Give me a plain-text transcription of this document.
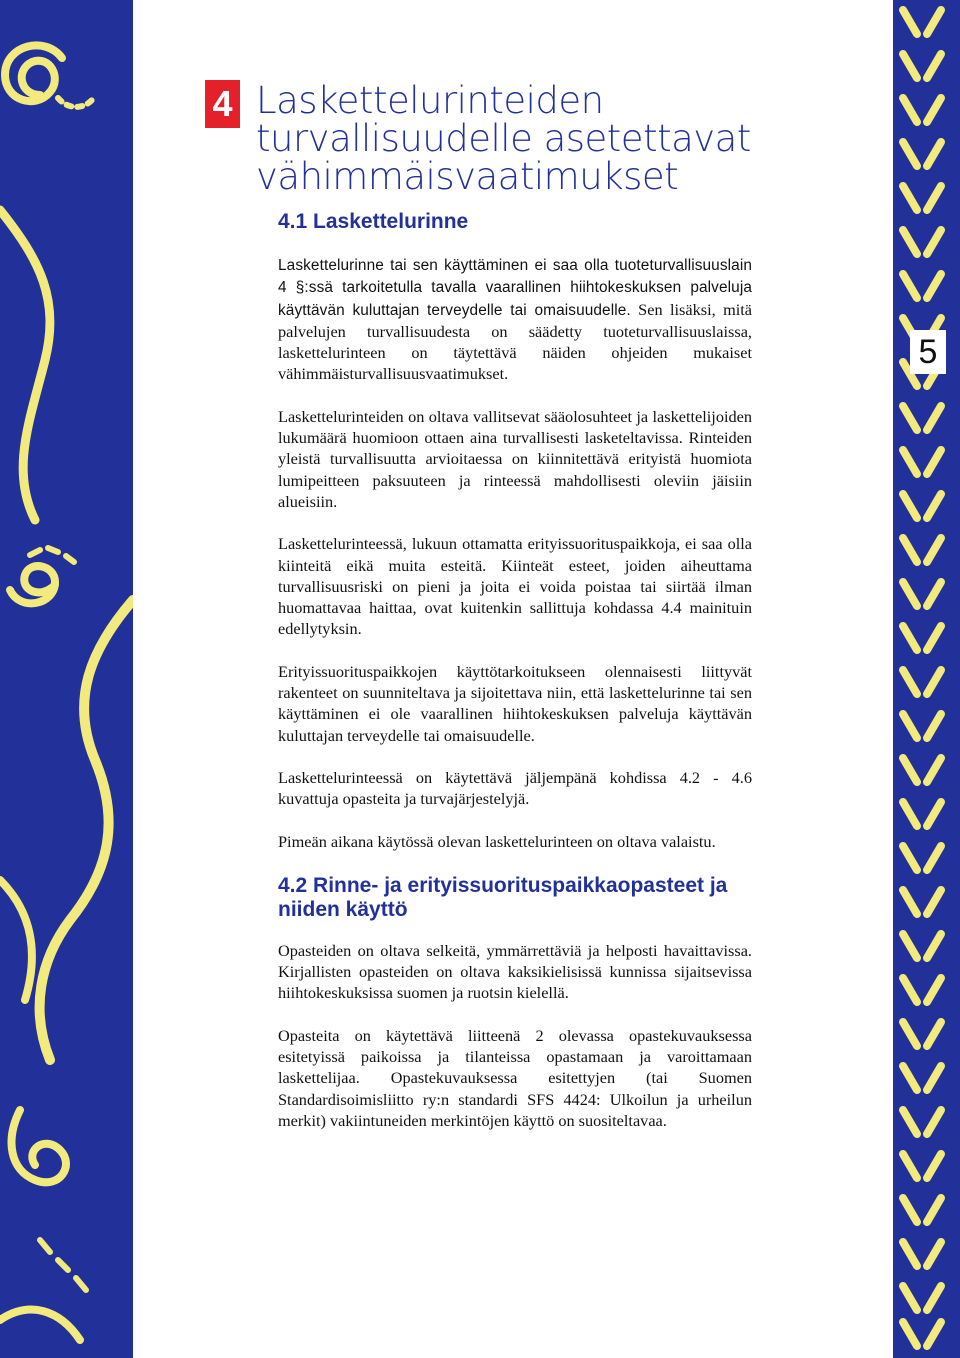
5
4 Laskettelurinteiden
turvallisuudelle asetettavat
vähimmäisvaatimukset
4.1 Laskettelurinne

Laskettelurinne tai sen käyttäminen ei saa olla tuoteturvallisuuslain 4 §:ssä tarkoitetulla tavalla vaarallinen hiihtokeskuksen palveluja käyttävän kuluttajan terveydelle tai omaisuudelle. Sen lisäksi, mitä palvelujen turvallisuudesta on säädetty tuoteturvallisuuslaissa, laskettelurinteen on täytettävä näiden ohjeiden mukaiset vähimmäisturvallisuusvaatimukset.

Laskettelurinteiden on oltava vallitsevat sääolosuhteet ja laskettelijoiden lukumäärä huomioon ottaen aina turvallisesti lasketeltavissa. Rinteiden yleistä turvallisuutta arvioitaessa on kiinnitettävä erityistä huomiota lumipeitteen paksuuteen ja rinteessä mahdollisesti oleviin jäisiin alueisiin.

Laskettelurinteessä, lukuun ottamatta erityissuorituspaikkoja, ei saa olla kiinteitä eikä muita esteitä. Kiinteät esteet, joiden aiheuttama turvallisuusriski on pieni ja joita ei voida poistaa tai siirtää ilman huomattavaa haittaa, ovat kuitenkin sallittuja kohdassa 4.4 mainituin edellytyksin.

Erityissuorituspaikkojen käyttötarkoitukseen olennaisesti liittyvät rakenteet on suunniteltava ja sijoitettava niin, että laskettelurinne tai sen käyttäminen ei ole vaarallinen hiihtokeskuksen palveluja käyttävän kuluttajan terveydelle tai omaisuudelle.

Laskettelurinteessä on käytettävä jäljempänä kohdissa 4.2 - 4.6 kuvattuja opasteita ja turvajärjestelyjä.

Pimeän aikana käytössä olevan laskettelurinteen on oltava valaistu.

4.2 Rinne- ja erityissuorituspaikkaopasteet ja niiden käyttö

Opasteiden on oltava selkeitä, ymmärrettäviä ja helposti havaittavissa. Kirjallisten opasteiden on oltava kaksikielisissä kunnissa sijaitsevissa hiihtokeskuksissa suomen ja ruotsin kielellä.

Opasteita on käytettävä liitteenä 2 olevassa opastekuvauksessa esitetyissä paikoissa ja tilanteissa opastamaan ja varoittamaan laskettelijaa. Opastekuvauksessa esitettyjen (tai Suomen Standardisoimisliitto ry:n standardi SFS 4424: Ulkoilun ja urheilun merkit) vakiintuneiden merkintöjen käyttö on suositeltavaa.
